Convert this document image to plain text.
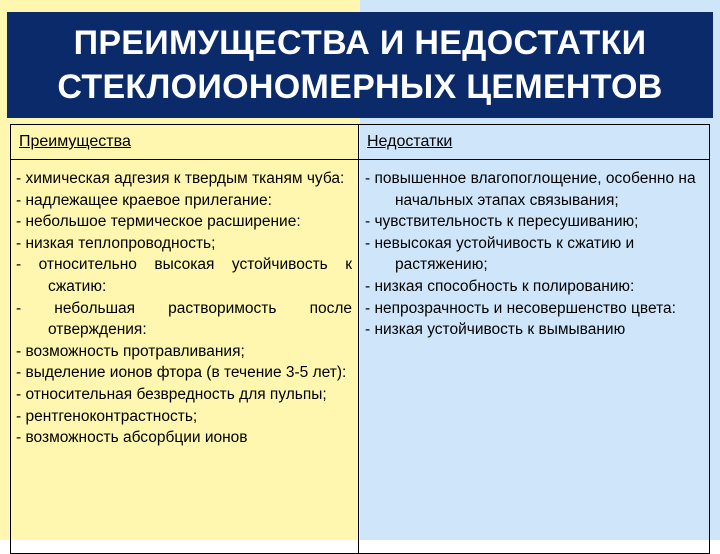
ПРЕИМУЩЕСТВА И НЕДОСТАТКИ
СТЕКЛОИОНОМЕРНЫХ ЦЕМЕНТОВ
Преимущества	Недостатки
- химическая адгезия к твердым тканям чуба:
- надлежащее краевое прилегание:
- небольшое термическое расширение:
- низкая теплопроводность;
- относительно высокая устойчивость к сжатию:
- небольшая растворимость после отверждения:
- возможность протравливания;
- выделение ионов фтора (в течение 3-5 лет):
- относительная безвредность для пульпы;
- рентгеноконтрастность;
- возможность абсорбции ионов
- повышенное влагопоглощение, особенно на начальных этапах связывания;
- чувствительность к пересушиванию;
- невысокая устойчивость к сжатию и растяжению;
- низкая способность к полированию:
- непрозрачность и несовершенство цвета:
- низкая устойчивость к вымыванию
